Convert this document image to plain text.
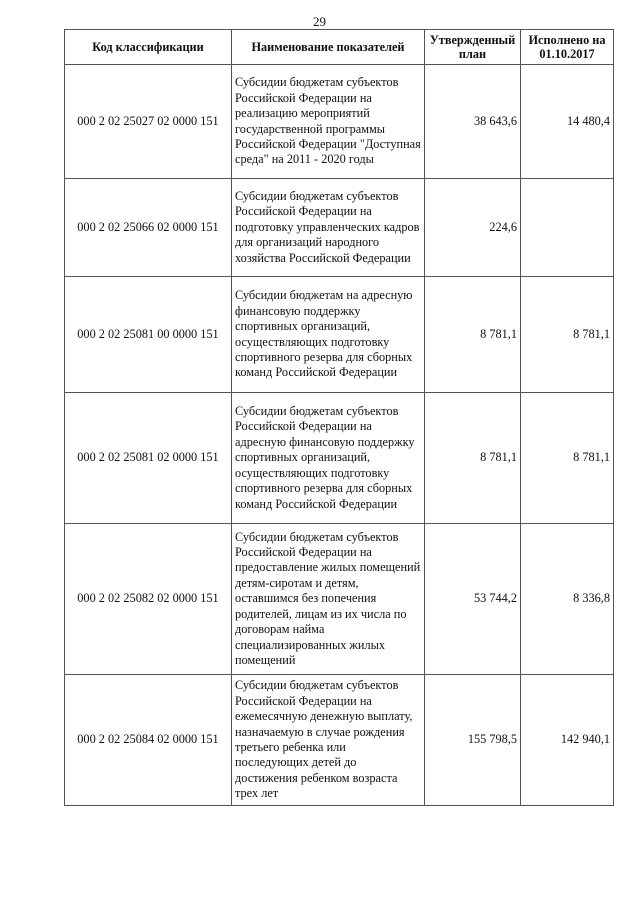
29
Код классификации	Наименование показателей	Утвержденный план	Исполнено на 01.10.2017
000 2 02 25027 02 0000 151	Субсидии бюджетам субъектов Российской Федерации на реализацию мероприятий государственной программы Российской Федерации "Доступная среда" на 2011 - 2020 годы	38 643,6	14 480,4
000 2 02 25066 02 0000 151	Субсидии бюджетам субъектов Российской Федерации на подготовку управленческих кадров для организаций народного хозяйства Российской Федерации	224,6	
000 2 02 25081 00 0000 151	Субсидии бюджетам на адресную финансовую поддержку спортивных организаций, осуществляющих подготовку спортивного резерва для сборных команд Российской Федерации	8 781,1	8 781,1
000 2 02 25081 02 0000 151	Субсидии бюджетам субъектов Российской Федерации на адресную финансовую поддержку спортивных организаций, осуществляющих подготовку спортивного резерва для сборных команд Российской Федерации	8 781,1	8 781,1
000 2 02 25082 02 0000 151	Субсидии бюджетам субъектов Российской Федерации на предоставление жилых помещений детям-сиротам и детям, оставшимся без попечения родителей, лицам из их числа по договорам найма специализированных жилых помещений	53 744,2	8 336,8
000 2 02 25084 02 0000 151	Субсидии бюджетам субъектов Российской Федерации на ежемесячную денежную выплату, назначаемую в случае рождения третьего ребенка или последующих детей до достижения ребенком возраста трех лет	155 798,5	142 940,1
